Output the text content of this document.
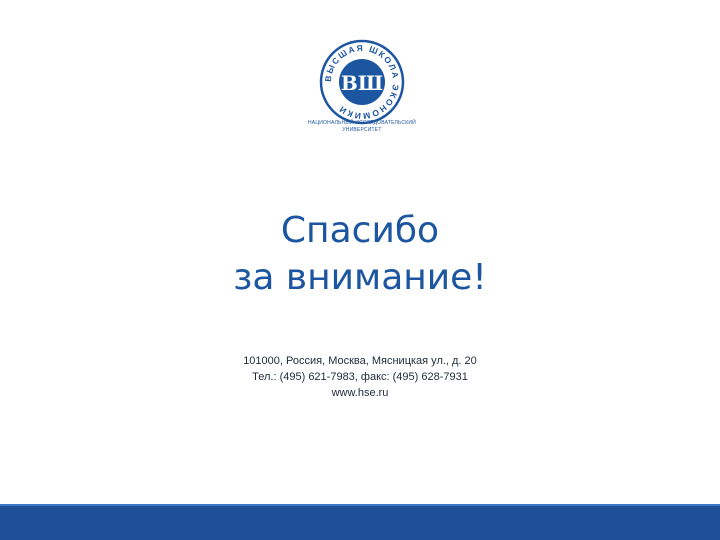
ВЫСШАЯ ШКОЛА ЭКОНОМИКИ
ВШ
НАЦИОНАЛЬНЫЙ ИССЛЕДОВАТЕЛЬСКИЙ
УНИВЕРСИТЕТ
Спасибо
за внимание!
101000, Россия, Москва, Мясницкая ул., д. 20
Тел.: (495) 621-7983, факс: (495) 628-7931
www.hse.ru
